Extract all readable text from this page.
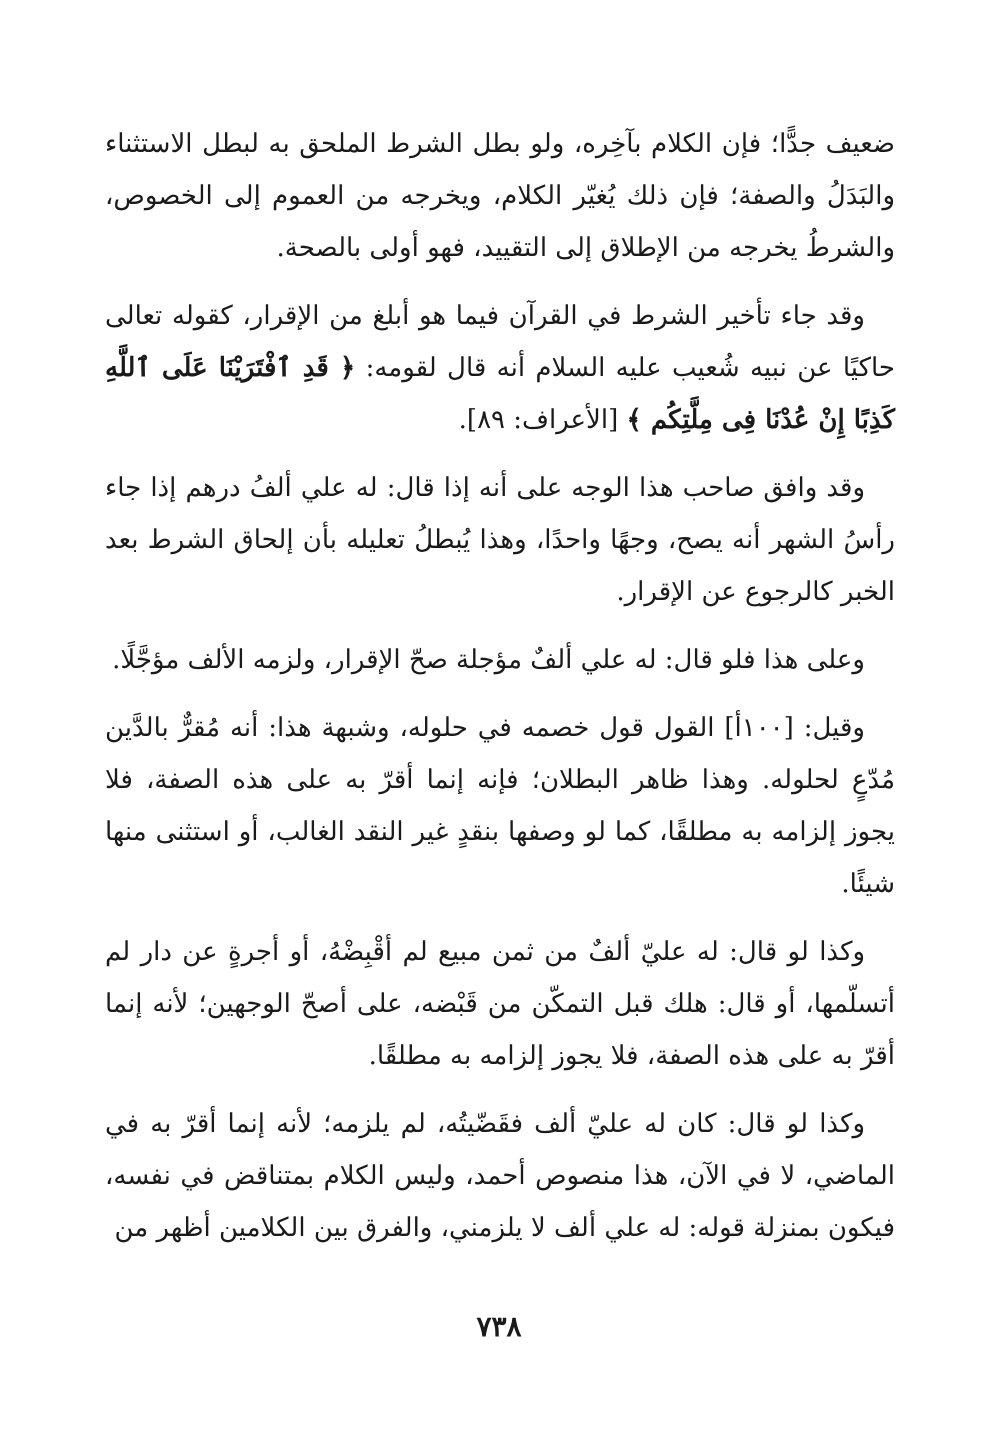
ضعيف جدًّا؛ فإن الكلام بآخِره، ولو بطل الشرط الملحق به لبطل الاستثناء والبَدَلُ والصفة؛ فإن ذلك يُغيّر الكلام، ويخرجه من العموم إلى الخصوص، والشرطُ يخرجه من الإطلاق إلى التقييد، فهو أولى بالصحة.

وقد جاء تأخير الشرط في القرآن فيما هو أبلغ من الإقرار، كقوله تعالى حاكيًا عن نبيه شُعيب عليه السلام أنه قال لقومه: ﴿ قَدِ ٱفْتَرَيْنَا عَلَى ٱللَّهِ كَذِبًا إِنْ عُدْنَا فِى مِلَّتِكُم ﴾ [الأعراف: ٨٩].

وقد وافق صاحب هذا الوجه على أنه إذا قال: له علي ألفُ درهم إذا جاء رأسُ الشهر أنه يصح، وجهًا واحدًا، وهذا يُبطلُ تعليله بأن إلحاق الشرط بعد الخبر كالرجوع عن الإقرار.

وعلى هذا فلو قال: له علي ألفٌ مؤجلة صحّ الإقرار، ولزمه الألف مؤجَّلًا.

وقيل: [١٠٠أ] القول قول خصمه في حلوله، وشبهة هذا: أنه مُقرٌّ بالدَّين مُدّعٍ لحلوله. وهذا ظاهر البطلان؛ فإنه إنما أقرّ به على هذه الصفة، فلا يجوز إلزامه به مطلقًا، كما لو وصفها بنقدٍ غير النقد الغالب، أو استثنى منها شيئًا.

وكذا لو قال: له عليّ ألفٌ من ثمن مبيع لم أقْبِضْهُ، أو أجرةٍ عن دار لم أتسلّمها، أو قال: هلك قبل التمكّن من قَبْضه، على أصحّ الوجهين؛ لأنه إنما أقرّ به على هذه الصفة، فلا يجوز إلزامه به مطلقًا.

وكذا لو قال: كان له عليّ ألف فقَضّيتُه، لم يلزمه؛ لأنه إنما أقرّ به في الماضي، لا في الآن، هذا منصوص أحمد، وليس الكلام بمتناقض في نفسه، فيكون بمنزلة قوله: له علي ألف لا يلزمني، والفرق بين الكلامين أظهر من

٧٣٨
